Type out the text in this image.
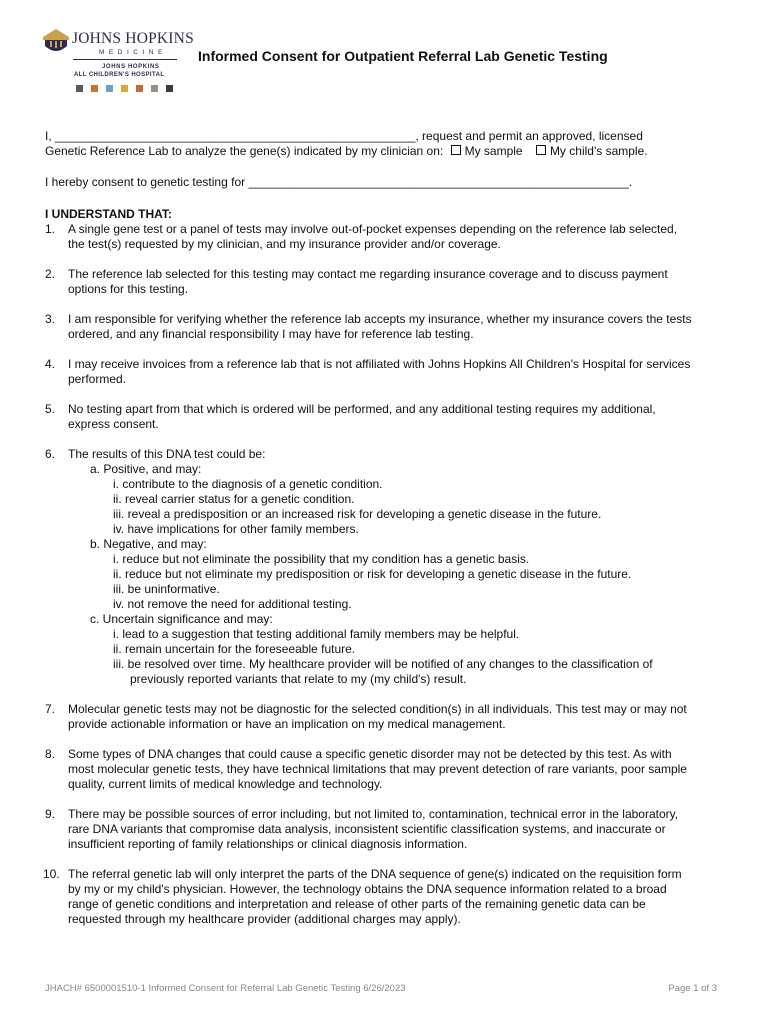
JOHNS HOPKINS
MEDICINE
JOHNS HOPKINS
ALL CHILDREN'S HOSPITAL
Informed Consent for Outpatient Referral Lab Genetic Testing

I, ______________________________________________________, request and permit an approved, licensed

Genetic Reference Lab to analyze the gene(s) indicated by my clinician on: My sample My child's sample.

I hereby consent to genetic testing for _________________________________________________________.

I UNDERSTAND THAT:

1. A single gene test or a panel of tests may involve out-of-pocket expenses depending on the reference lab selected,
the test(s) requested by my clinician, and my insurance provider and/or coverage.
2. The reference lab selected for this testing may contact me regarding insurance coverage and to discuss payment
options for this testing.
3. I am responsible for verifying whether the reference lab accepts my insurance, whether my insurance covers the tests
ordered, and any financial responsibility I may have for reference lab testing.
4. I may receive invoices from a reference lab that is not affiliated with Johns Hopkins All Children's Hospital for services
performed.
5. No testing apart from that which is ordered will be performed, and any additional testing requires my additional,
express consent.
6. The results of this DNA test could be:
a. Positive, and may:
i. contribute to the diagnosis of a genetic condition.
ii. reveal carrier status for a genetic condition.
iii. reveal a predisposition or an increased risk for developing a genetic disease in the future.
iv. have implications for other family members.
b. Negative, and may:
i. reduce but not eliminate the possibility that my condition has a genetic basis.
ii. reduce but not eliminate my predisposition or risk for developing a genetic disease in the future.
iii. be uninformative.
iv. not remove the need for additional testing.
c. Uncertain significance and may:
i. lead to a suggestion that testing additional family members may be helpful.
ii. remain uncertain for the foreseeable future.
iii. be resolved over time. My healthcare provider will be notified of any changes to the classification of
previously reported variants that relate to my (my child's) result.
7. Molecular genetic tests may not be diagnostic for the selected condition(s) in all individuals. This test may or may not
provide actionable information or have an implication on my medical management.
8. Some types of DNA changes that could cause a specific genetic disorder may not be detected by this test. As with
most molecular genetic tests, they have technical limitations that may prevent detection of rare variants, poor sample
quality, current limits of medical knowledge and technology.
9. There may be possible sources of error including, but not limited to, contamination, technical error in the laboratory,
rare DNA variants that compromise data analysis, inconsistent scientific classification systems, and inaccurate or
insufficient reporting of family relationships or clinical diagnosis information.
10. The referral genetic lab will only interpret the parts of the DNA sequence of gene(s) indicated on the requisition form
by my or my child's physician. However, the technology obtains the DNA sequence information related to a broad
range of genetic conditions and interpretation and release of other parts of the remaining genetic data can be
requested through my healthcare provider (additional charges may apply).
JHACH# 6500001510-1 Informed Consent for Referral Lab Genetic Testing 6/26/2023	Page 1 of 3
